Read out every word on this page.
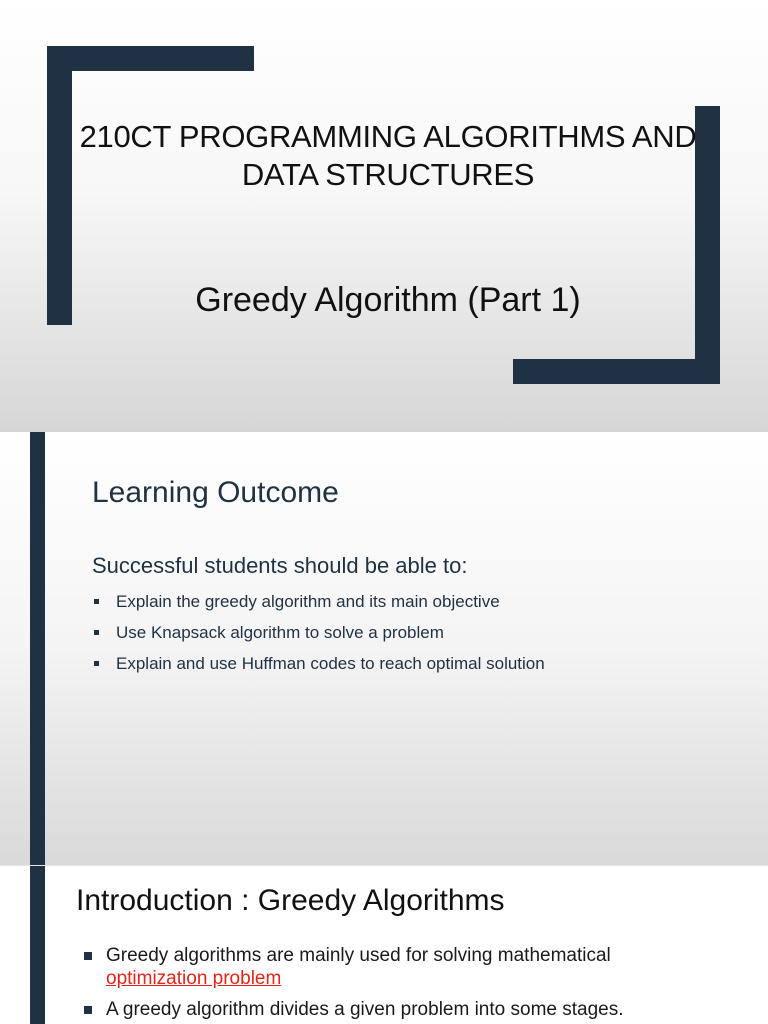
210CT PROGRAMMING ALGORITHMS AND
DATA STRUCTURES
Greedy Algorithm (Part 1)
Learning Outcome
Successful students should be able to:
Explain the greedy algorithm and its main objective
Use Knapsack algorithm to solve a problem
Explain and use Huffman codes to reach optimal solution
Introduction : Greedy Algorithms
Greedy algorithms are mainly used for solving mathematical
optimization problem
A greedy algorithm divides a given problem into some stages.
